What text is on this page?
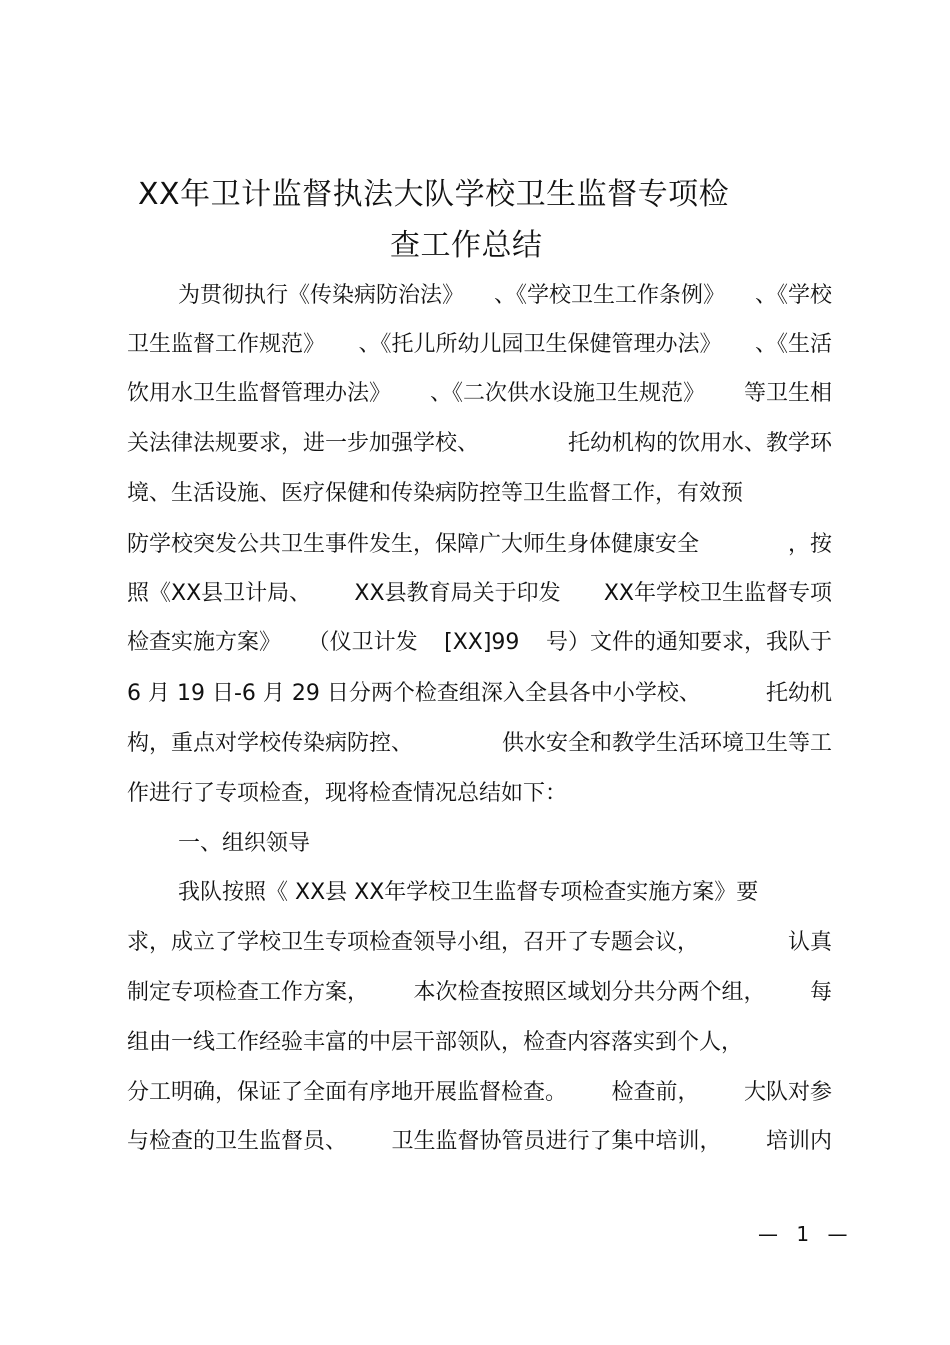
XX年卫计监督执法大队学校卫生监督专项检
查工作总结
为贯彻执行《传染病防治法》 、《学校卫生工作条例》 、《学校
卫生监督工作规范》 、《托儿所幼儿园卫生保健管理办法》 、《生活
饮用水卫生监督管理办法》 、《二次供水设施卫生规范》 等卫生相
关法律法规要求，进一步加强学校、	托幼机构的饮用水、教学环
境、生活设施、医疗保健和传染病防控等卫生监督工作，有效预
防学校突发公共卫生事件发生，保障广大师生身体健康安全	，按
照《XX县卫计局、 XX县教育局关于印发 XX年学校卫生监督专项
检查实施方案》 （仪卫计发 [XX]99 号）文件的通知要求，我队于
6 月 19 日-6 月 29 日分两个检查组深入全县各中小学校、	托幼机
构，重点对学校传染病防控、	供水安全和教学生活环境卫生等工
作进行了专项检查，现将检查情况总结如下：
一、组织领导
我队按照《 XX县 XX年学校卫生监督专项检查实施方案》要
求，成立了学校卫生专项检查领导小组，召开了专题会议，	认真
制定专项检查工作方案， 本次检查按照区域划分共分两个组， 每
组由一线工作经验丰富的中层干部领队，检查内容落实到个人，
分工明确，保证了全面有序地开展监督检查。 检查前， 大队对参
与检查的卫生监督员、 卫生监督协管员进行了集中培训， 培训内
— 1 —
